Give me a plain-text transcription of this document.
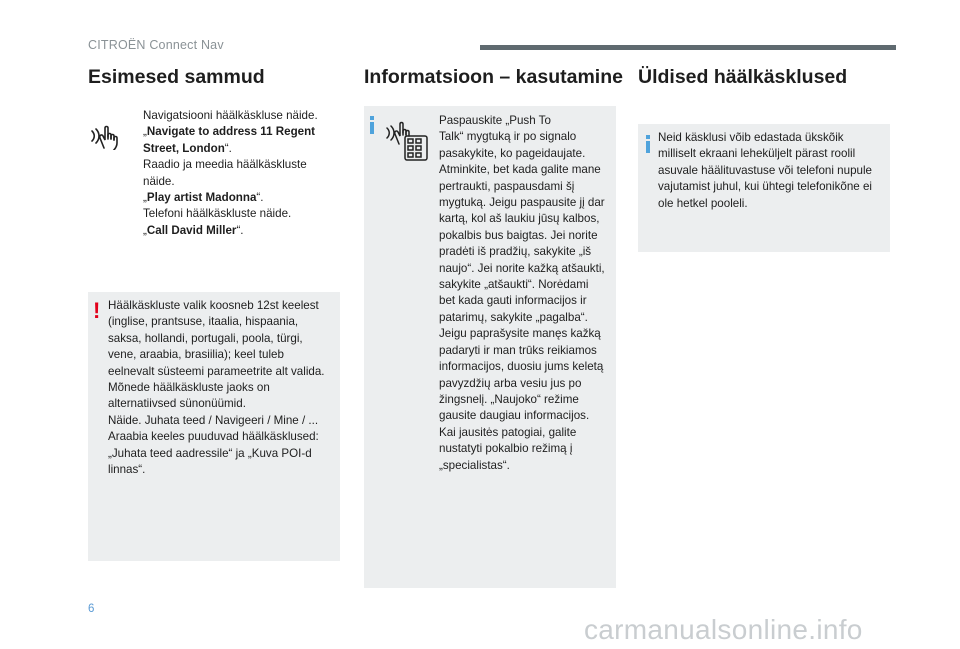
CITROËN Connect Nav
Esimesed sammud
Navigatsiooni häälkäskluse näide.
„Navigate to address 11 Regent Street, London“.
Raadio ja meedia häälkäskluste näide.
„Play artist Madonna“.
Telefoni häälkäskluste näide.
„Call David Miller“.
! Häälkäskluste valik koosneb 12st keelest
(inglise, prantsuse, itaalia, hispaania,
saksa, hollandi, portugali, poola, türgi,
vene, araabia, brasiilia); keel tuleb
eelnevalt süsteemi parameetrite alt valida.
Mõnede häälkäskluste jaoks on
alternatiivsed sünonüümid.
Näide. Juhata teed / Navigeeri / Mine / ...
Araabia keeles puuduvad häälkäsklused:
„Juhata teed aadressile“ ja „Kuva POI-d
linnas“.
Informatsioon – kasutamine
Paspauskite „Push To
Talk“ mygtuką ir po signalo
pasakykite, ko pageidaujate.
Atminkite, bet kada galite mane
pertraukti, paspausdami šį
mygtuką. Jeigu paspausite jį dar
kartą, kol aš laukiu jūsų kalbos,
pokalbis bus baigtas. Jei norite
pradėti iš pradžių, sakykite „iš
naujo“. Jei norite kažką atšaukti,
sakykite „atšaukti“. Norėdami
bet kada gauti informacijos ir
patarimų, sakykite „pagalba“.
Jeigu paprašysite manęs kažką
padaryti ir man trūks reikiamos
informacijos, duosiu jums keletą
pavyzdžių arba vesiu jus po
žingsnelį. „Naujoko“ režime
gausite daugiau informacijos.
Kai jausitės patogiai, galite
nustatyti pokalbio režimą į
„specialistas“.
Üldised häälkäsklused
Neid käsklusi võib edastada ükskõik
milliselt ekraani leheküljelt pärast roolil
asuvale häälituvastuse või telefoni nupule
vajutamist juhul, kui ühtegi telefonikõne ei
ole hetkel pooleli.
6
carmanualsonline.info
